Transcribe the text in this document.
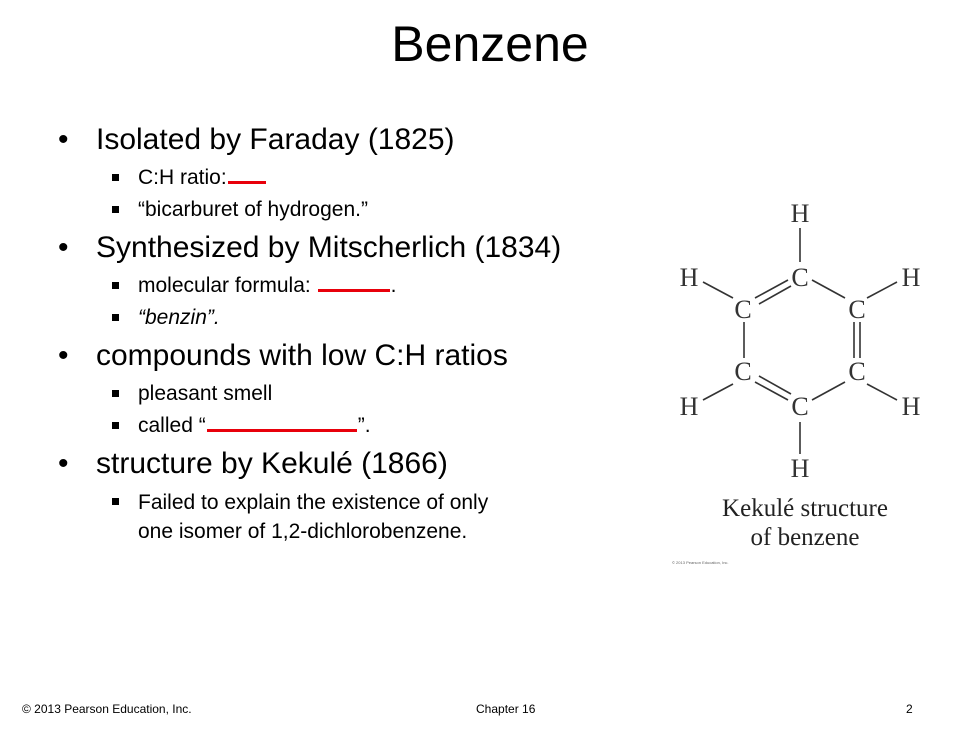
Benzene
• Isolated by Faraday (1825)
C:H ratio:
“bicarburet of hydrogen.”
• Synthesized by Mitscherlich (1834)
molecular formula:	.
“benzin”.
• compounds with low C:H ratios
pleasant smell
called “	”.
• structure by Kekulé (1866)
Failed to explain the existence of only
one isomer of 1,2-dichlorobenzene.
H
C
H	H
C	C
C	C
H	H
C
H
Kekulé structure
of benzene
© 2013 Pearson Education, Inc.
© 2013 Pearson Education, Inc.	Chapter 16	2
